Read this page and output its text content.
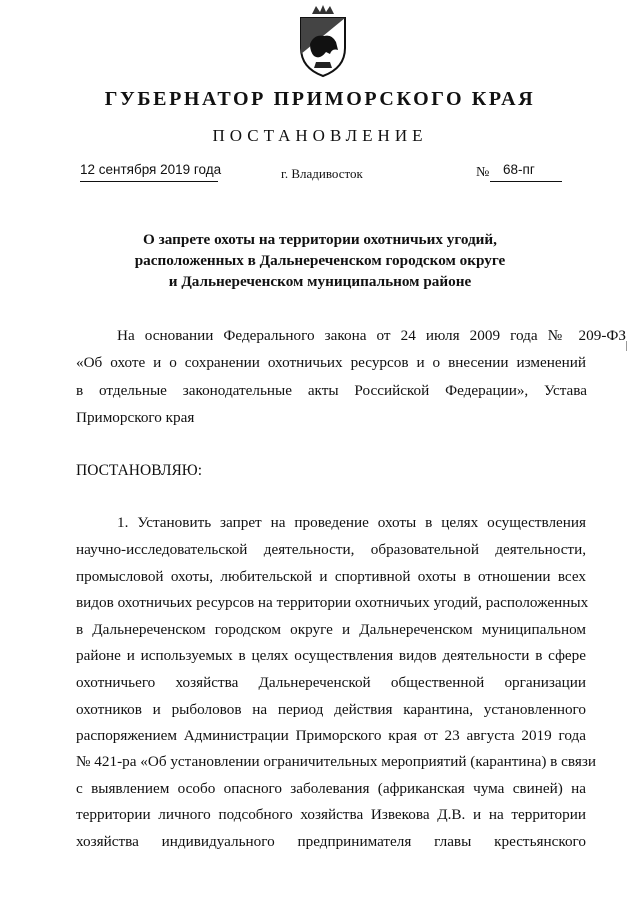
ГУБЕРНАТОР ПРИМОРСКОГО КРАЯ
ПОСТАНОВЛЕНИЕ
12 сентября 2019 года	г. Владивосток	№ 68-пг
О запрете охоты на территории охотничьих угодий,
расположенных в Дальнереченском городском округе
и Дальнереченском муниципальном районе
На основании Федерального закона от 24 июля 2009 года № 209-ФЗ
«Об охоте и о сохранении охотничьих ресурсов и о внесении изменений
в отдельные законодательные акты Российской Федерации», Устава
Приморского края
ПОСТАНОВЛЯЮ:
1. Установить запрет на проведение охоты в целях осуществления
научно-исследовательской деятельности, образовательной деятельности,
промысловой охоты, любительской и спортивной охоты в отношении всех
видов охотничьих ресурсов на территории охотничьих угодий, расположенных
в Дальнереченском городском округе и Дальнереченском муниципальном
районе и используемых в целях осуществления видов деятельности в сфере
охотничьего хозяйства Дальнереченской общественной организации
охотников и рыболовов на период действия карантина, установленного
распоряжением Администрации Приморского края от 23 августа 2019 года
№ 421-ра «Об установлении ограничительных мероприятий (карантина) в связи
с выявлением особо опасного заболевания (африканская чума свиней) на
территории личного подсобного хозяйства Извекова Д.В. и на территории
хозяйства индивидуального предпринимателя главы крестьянского
